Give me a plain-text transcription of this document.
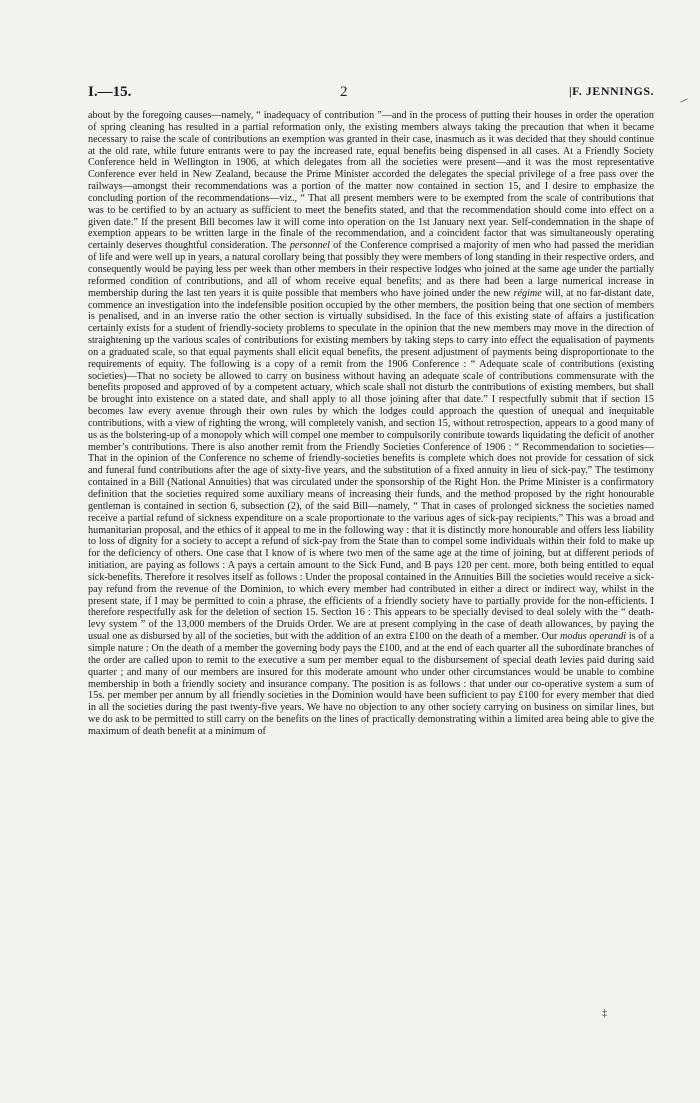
I.—15.	2	|F. JENNINGS.

about by the foregoing causes—namely, “ inadequacy of contribution ”—and in the process of putting their houses in order the operation of spring cleaning has resulted in a partial reformation only, the existing members always taking the precaution that when it became necessary to raise the scale of contributions an exemption was granted in their case, inasmuch as it was decided that they should continue at the old rate, while future entrants were to pay the increased rate, equal benefits being dispensed in all cases. At a Friendly Society Conference held in Wellington in 1906, at which delegates from all the societies were present—and it was the most representative Conference ever held in New Zealand, because the Prime Minister accorded the delegates the special privilege of a free pass over the railways—amongst their recommendations was a portion of the matter now contained in section 15, and I desire to emphasize the concluding portion of the recommendations—viz., “ That all present members were to be exempted from the scale of contributions that was to be certified to by an actuary as sufficient to meet the benefits stated, and that the recommendation should come into effect on a given date.” If the present Bill becomes law it will come into operation on the 1st January next year. Self-condemnation in the shape of exemption appears to be written large in the finale of the recommendation, and a coincident factor that was simultaneously operating certainly deserves thoughtful consideration. The personnel of the Conference comprised a majority of men who had passed the meridian of life and were well up in years, a natural corollary being that possibly they were members of long standing in their respective orders, and consequently would be paying less per week than other members in their respective lodges who joined at the same age under the partially reformed condition of contributions, and all of whom receive equal benefits; and as there had been a large numerical increase in membership during the last ten years it is quite possible that members who have joined under the new régime will, at no far-distant date, commence an investigation into the indefensible position occupied by the other members, the position being that one section of members is penalised, and in an inverse ratio the other section is virtually subsidised. In the face of this existing state of affairs a justification certainly exists for a student of friendly-society problems to speculate in the opinion that the new members may move in the direction of straightening up the various scales of contributions for existing members by taking steps to carry into effect the equalisation of payments on a graduated scale, so that equal payments shall elicit equal benefits, the present adjustment of payments being disproportionate to the requirements of equity. The following is a copy of a remit from the 1906 Conference : “ Adequate scale of contributions (existing societies)—That no society be allowed to carry on business without having an adequate scale of contributions commensurate with the benefits proposed and approved of by a competent actuary, which scale shall not disturb the contributions of existing members, but shall be brought into existence on a stated date, and shall apply to all those joining after that date.” I respectfully submit that if section 15 becomes law every avenue through their own rules by which the lodges could approach the question of unequal and inequitable contributions, with a view of righting the wrong, will completely vanish, and section 15, without retrospection, appears to a good many of us as the bolstering-up of a monopoly which will compel one member to compulsorily contribute towards liquidating the deficit of another member’s contributions. There is also another remit from the Friendly Societies Conference of 1906 : “ Recommendation to societies—That in the opinion of the Conference no scheme of friendly-societies benefits is complete which does not provide for cessation of sick and funeral fund contributions after the age of sixty-five years, and the substitution of a fixed annuity in lieu of sick-pay.” The testimony contained in a Bill (National Annuities) that was circulated under the sponsorship of the Right Hon. the Prime Minister is a confirmatory definition that the societies required some auxiliary means of increasing their funds, and the method proposed by the right honourable gentleman is contained in section 6, subsection (2), of the said Bill—namely, “ That in cases of prolonged sickness the societies named receive a partial refund of sickness expenditure on a scale proportionate to the various ages of sick-pay recipients.” This was a broad and humanitarian proposal, and the ethics of it appeal to me in the following way : that it is distinctly more honourable and offers less liability to loss of dignity for a society to accept a refund of sick-pay from the State than to compel some individuals within their fold to make up for the deficiency of others. One case that I know of is where two men of the same age at the time of joining, but at different periods of initiation, are paying as follows : A pays a certain amount to the Sick Fund, and B pays 120 per cent. more, both being entitled to equal sick-benefits. Therefore it resolves itself as follows : Under the proposal contained in the Annuities Bill the societies would receive a sick-pay refund from the revenue of the Dominion, to which every member had contributed in either a direct or indirect way, whilst in the present state, if I may be permitted to coin a phrase, the efficients of a friendly society have to partially provide for the non-efficients. I therefore respectfully ask for the deletion of section 15. Section 16 : This appears to be specially devised to deal solely with the “ death-levy system ” of the 13,000 members of the Druids Order. We are at present complying in the case of death allowances, by paying the usual one as disbursed by all of the societies, but with the addition of an extra £100 on the death of a member. Our modus operandi is of a simple nature : On the death of a member the governing body pays the £100, and at the end of each quarter all the subordinate branches of the order are called upon to remit to the executive a sum per member equal to the disbursement of special death levies paid during said quarter ; and many of our members are insured for this moderate amount who under other circumstances would be unable to combine membership in both a friendly society and insurance company. The position is as follows : that under our co-operative system a sum of 15s. per member per annum by all friendly societies in the Dominion would have been sufficient to pay £100 for every member that died in all the societies during the past twenty-five years. We have no objection to any other society carrying on business on similar lines, but we do ask to be permitted to still carry on the benefits on the lines of practically demonstrating within a limited area being able to give the maximum of death benefit at a minimum of

‡
